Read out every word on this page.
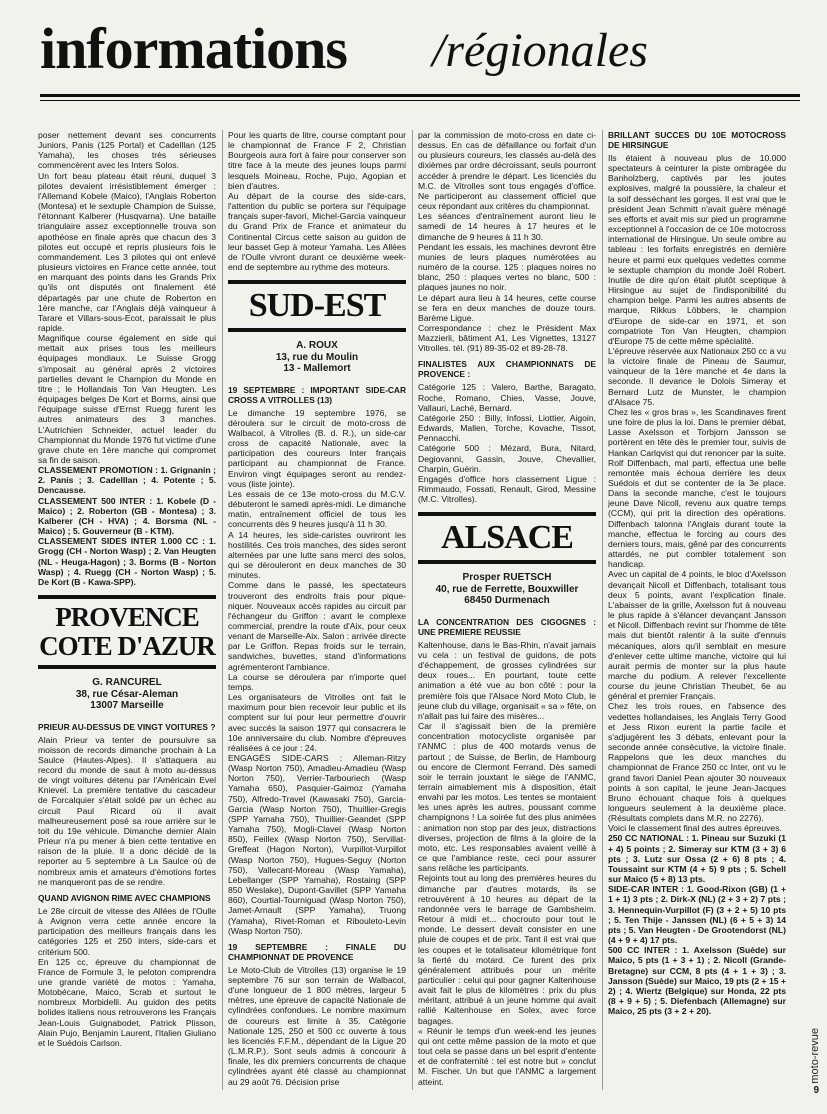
informations /régionales

poser nettement devant ses concurrents Juniors, Panis (125 Portal) et Cadelllan (125 Yamaha), les choses très sérieuses commencèrent avec les Inters Solos.

Un fort beau plateau était réuni, duquel 3 pilotes devaient irrésistiblement émerger : l'Allemand Kobele (Maico), l'Anglais Roberton (Montesa) et le sextuple Champion de Suisse, l'étonnant Kalberer (Husqvarna). Une bataille triangulaire assez exceptionnelle trouva son apothéose en finale après que chacun des 3 pilotes eut occupé et repris plusieurs fois le commandement. Les 3 pilotes qui ont enlevé plusieurs victoires en France cette année, tout en marquant des points dans les Grands Prix qu'ils ont disputés ont finalement été départagés par une chute de Roberton en 1ère manche, car l'Anglais déjà vainqueur à Tarare et Villars-sous-Ecot, paraissait le plus rapide.

Magnifique course également en side qui mettait aux prises tous les meilleurs équipages mondiaux. Le Suisse Grogg s'imposait au général après 2 victoires partielles devant le Champion du Monde en titre ; le Hollandais Ton Van Heugten. Les équipages belges De Kort et Borms, ainsi que l'équipage suisse d'Ernst Ruegg furent les autres animateurs des 3 manches. L'Autrichien Schneider, actuel leader du Championnat du Monde 1976 fut victime d'une grave chute en 1ère manche qui compromet sa fin de saison.

CLASSEMENT PROMOTION : 1. Grignanin ; 2. Panis ; 3. Cadelllan ; 4. Potente ; 5. Dencausse.

CLASSEMENT 500 INTER : 1. Kobele (D - Maico) ; 2. Roberton (GB - Montesa) ; 3. Kalberer (CH - HVA) ; 4. Borsma (NL - Maico) ; 5. Gouverneur (B - KTM).

CLASSEMENT SIDES INTER 1.000 CC : 1. Grogg (CH - Norton Wasp) ; 2. Van Heugten (NL - Heuga-Hagon) ; 3. Borms (B - Norton Wasp) ; 4. Ruegg (CH - Norton Wasp) ; 5. De Kort (B - Kawa-SPP).

PROVENCE
COTE D'AZUR
G. RANCUREL
38, rue César-Aleman
13007 Marseille
PRIEUR AU-DESSUS DE VINGT VOITURES ?

Alain Prieur va tenter de poursuivre sa moisson de records dimanche prochain à La Saulce (Hautes-Alpes). Il s'attaquera au record du monde de saut à moto au-dessus de vingt voitures détenu par l'Américain Evel Knievel. La première tentative du cascadeur de Forcalquier s'était soldé par un échec au circuit Paul Ricard où il avait malheureusement posé sa roue arrière sur le toit du 19e véhicule. Dimanche dernier Alain Prieur n'a pu mener à bien cette tentative en raison de la pluie. Il a donc décidé de la reporter au 5 septembre à La Saulce où de nombreux amis et amateurs d'émotions fortes ne manqueront pas de se rendre.

QUAND AVIGNON RIME AVEC CHAMPIONS

Le 28e circuit de vitesse des Allées de l'Oulle à Avignon verra cette année encore la participation des meilleurs français dans les catégories 125 et 250 inters, side-cars et critérium 500.

En 125 cc, épreuve du championnat de France de Formule 3, le peloton comprendra une grande variété de motos : Yamaha, Motobécane, Maico, Scrab et surtout le nombreux Morbidelli. Au guidon des petits bolides italiens nous retrouverons les Français Jean-Louis Guignabodet, Patrick Plisson, Alain Pujo, Benjamin Laurent, l'Italien Giuliano et le Suédois Carlson.

Pour les quarts de litre, course comptant pour le championnat de France F 2, Christian Bourgeois aura fort à faire pour conserver son titre face à la meute des jeunes loups parmi lesquels Moineau, Roche, Pujo, Agopian et bien d'autres.

Au départ de la course des side-cars, l'attention du public se portera sur l'équipage français super-favori, Michel-Garcia vainqueur du Grand Prix de France et animateur du Continental Circus cette saison au guidon de leur basset Gep à moteur Yamaha. Les Allées de l'Oulle vivront durant ce deuxième week-end de septembre au rythme des moteurs.

SUD-EST
A. ROUX
13, rue du Moulin
13 - Mallemort
19 SEPTEMBRE : IMPORTANT SIDE-CAR CROSS A VITROLLES (13)

Le dimanche 19 septembre 1976, se déroulera sur le circuit de moto-cross de Walbacol, à Vitrolles (B. d. R.), un side-car cross de capacité Nationale, avec la participation des coureurs Inter français participant au championnat de France. Environ vingt équipages seront au rendez-vous (liste jointe).

Les essais de ce 13e moto-cross du M.C.V. débuteront le samedi après-midi. Le dimanche matin, entraînement officiel de tous les concurrents dès 9 heures jusqu'à 11 h 30.

A 14 heures, les side-caristes ouvriront les hostilités. Ces trois manches, des sides seront alternées par une lutte sans merci des solos, qui se dérouleront en deux manches de 30 minutes.

Comme dans le passé, les spectateurs trouveront des endroits frais pour pique-niquer. Nouveaux accès rapides au circuit par l'échangeur du Griffon : avant le complexe commercial, prendre la route d'Aix, pour ceux venant de Marseille-Aix. Salon : arrivée directe par Le Griffon. Repas froids sur le terrain, sandwiches, buvettes, stand d'informations agrémenteront l'ambiance.

La course se déroulera par n'importe quel temps.

Les organisateurs de Vitrolles ont fait le maximum pour bien recevoir leur public et ils comptent sur lui pour leur permettre d'ouvrir avec succès la saison 1977 qui consacrera le 10e anniversaire du club. Nombre d'épreuves réalisées à ce jour : 24.

ENGAGÉS SIDE-CARS : Alleman-Ritzy (Wasp Norton 750), Amadieu-Amadieu (Wasp Norton 750), Verrier-Tarbouriech (Wasp Yamaha 650), Pasquier-Gaimoz (Yamaha 750), Alfredo-Travel (Kawasaki 750), Garcia-Garcia (Wasp Norton 750), Thuillier-Gregis (SPP Yamaha 750), Thuillier-Geandet (SPP Yamaha 750), Mogli-Clavel (Wasp Norton 850), Feillex (Wasp Norton 750), Servillat-Greffeat (Hagon Norton), Vurpillot-Vurpillot (Wasp Norton 750), Hugues-Seguy (Norton 750), Vallecant-Moreau (Wasp Yamaha), Lebellanger (SPP Yamaha), Rostaing (SPP 850 Weslake), Dupont-Gavillet (SPP Yamaha 860), Courtial-Tourniguad (Wasp Norton 750), Jamet-Arnault (SPP Yamaha), Truong (Yamaha), Rivet-Roman et Ribouleto-Levin (Wasp Norton 750).

19 SEPTEMBRE : FINALE DU CHAMPIONNAT DE PROVENCE

Le Moto-Club de Vitrolles (13) organise le 19 septembre 76 sur son terrain de Walbacol, d'une longueur de 1 800 mètres, largeur 5 mètres, une épreuve de capacité Nationale de cylindrées confondues. Le nombre maximum de coureurs est limite à 35. Catégorie Nationale 125, 250 et 500 cc ouverte à tous les licenciés F.F.M., dépendant de la Ligue 20 (L.M.R.P.). Sont seuls admis à concourir à finale, les dix premiers concurrents de chaque cylindrées ayant été classé au championnat au 29 août 76. Décision prise

par la commission de moto-cross en date ci-dessus. En cas de défaillance ou forfait d'un ou plusieurs coureurs, les classés au-delà des dixièmes par ordre décroissant, seuls pourront accéder à prendre le départ. Les licenciés du M.C. de Vitrolles sont tous engagés d'office. Ne participeront au classement officiel que ceux répondant aux critères du championnat.

Les séances d'entraînement auront lieu le samedi de 14 heures à 17 heures et le dimanche de 9 heures à 11 h 30.

Pendant les essais, les machines devront être munies de leurs plaques numérotées au numéro de la course. 125 : plaques noires no blanc, 250 : plaques vertes no blanc, 500 : plaques jaunes no noir.

Le départ aura lieu à 14 heures, cette course se fera en deux manches de douze tours. Barème Ligue.

Correspondance : chez le Président Max Mazzierli, bâtiment A1, Les Vignettes, 13127 Vitrolles. tél. (91) 89-35-02 et 89-28-78.

FINALISTES AUX CHAMPIONNATS DE PROVENCE :

Catégorie 125 : Valero, Barthe, Baragato, Roche, Romano, Chies, Vasse, Jouve, Vallauri, Laché, Bernard.

Catégorie 250 : Billy, Infossi, Liottier, Aigoin, Edwards, Mallen, Torche, Kovache, Tissot, Pennacchi.

Catégorie 500 : Mézard, Bura, Nitard, Degiovanni, Gassin, Jouve, Chevallier, Charpin, Guérin.

Engagés d'office hors classement Ligue : Rimmaudo, Fossati, Renault, Girod, Messine (M.C. Vitrolles).

ALSACE
Prosper RUETSCH
40, rue de Ferrette, Bouxwiller
68450 Durmenach
LA CONCENTRATION DES CIGOGNES : UNE PREMIERE REUSSIE

Kaltenhouse, dans le Bas-Rhin, n'avait jamais vu cela : un festival de guidons, de pots d'échappement, de grosses cylindrées sur deux roues... En pourtant, toute cette animation a été vue au bon côté : pour la première fois que l'Alsace Nord Moto Club, le jeune club du village, organisait « sa » fête, on n'allait pas lui faire des misères...

Car il s'agissait bien de la première concentration motocycliste organisée par l'ANMC : plus de 400 motards venus de partout ; de Suisse, de Berlin, de Hambourg ou encore de Clermont Ferrand. Dès samedi soir le terrain jouxtant le siège de l'ANMC, terrain aimablement mis à disposition, était envahi par les motos. Les tentes se montaient les unes après les autres, poussant comme champignons ! La soirée fut des plus animées : animation non stop par des jeux, distractions diverses, projection de films à la gloire de la moto, etc. Les responsables avaient veillé à ce que l'ambiance reste, ceci pour assurer sans relâche les participants.

Rejoints tout au long des premières heures du dimanche par d'autres motards, ils se retrouvèrent à 10 heures au départ de la randonnée vers le barrage de Gambsheim. Retour à midi et... chocrouto pour tout le monde. Le dessert devait consister en une pluie de coupes et de prix. Tant il est vrai que les coupes et le totalisateur kilométrique font la fierté du motard. Ce furent des prix généralement attribués pour un mérite particulier : celui qui pour gagner Kaltenhouse avait fait le plus de kilomètres : prix du plus méritant, attribué à un jeune homme qui avait rallié Kaltenhouse en Solex, avec force bagages.

« Réunir le temps d'un week-end les jeunes qui ont cette même passion de la moto et que tout cela se passe dans un bel esprit d'entente et de confraternité : tel est notre but » conclut M. Fischer. Un but que l'ANMC a largement atteint.

BRILLANT SUCCES DU 10E MOTOCROSS DE HIRSINGUE

Ils étaient à nouveau plus de 10.000 spectateurs à ceinturer la piste ombragée du Banholzberg, captivés par les joutes explosives, malgré la poussière, la chaleur et la soif desséchant les gorges. Il est vrai que le président Jean Schmitt n'avait guère ménagé ses efforts et avait mis sur pied un programme exceptionnel à l'occasion de ce 10e motocross international de Hirsingue. Un seule ombre au tableau : les forfaits enregistrés en dernière heure et parmi eux quelques vedettes comme le sextuple champion du monde Joël Robert. Inutile de dire qu'on était plutôt sceptique à Hirsingue au sujet de l'indisponibilité du champion belge. Parmi les autres absents de marque, Rikkus Löbbers, le champion d'Europe de side-car en 1971, et son compatriote Ton Van Heugten, champion d'Europe 75 de cette même spécialité.

L'épreuve réservée aux Nationaux 250 cc a vu la victoire finale de Pineau de Saumur, vainqueur de la 1ère manche et 4e dans la seconde. Il devance le Dolois Simeray et Bernard Lutz de Munster, le champion d'Alsace 75.

Chez les « gros bras », les Scandinaves firent une foire de plus la loi. Dans le premier débat, Lasse Axelsson et Torbjorn Jansson se portèrent en tête dès le premier tour, suivis de Hankan Carlqvist qui dut renoncer par la suite. Rolf Diffenbach, mal parti, effectua une belle remontée mais échoua derrière les deux Suédois et dut se contenter de la 3e place. Dans la seconde manche, c'est le toujours jeune Dave Nicoll, revenu aux quatre temps (CCM), qui prit la direction des opérations. Diffenbach talonna l'Anglais durant toute la manche, effectua le forcing au cours des derniers tours, mais, gêné par des concurrents attardés, ne put combler totalement son handicap.

Avec un capital de 4 points, le bloc d'Axelsson devançait Nicoll et Diffenbach, totalisant tous deux 5 points, avant l'explication finale. L'abaisser de la grille, Axelsson fut à nouveau le plus rapide à s'élancer devançant Jansson et Nicoll. Diffenbach revint sur l'homme de tête mais dut bientôt ralentir à la suite d'ennuis mécaniques, alors qu'il semblait en mesure d'enlever cette ultime manche, victoire qui lui aurait permis de monter sur la plus haute marche du podium. A relever l'excellente course du jeune Christian Theubet, 6e au général et premier Français.

Chez les trois roues, en l'absence des vedettes hollandaises, les Anglais Terry Good et Jess Rixon eurent la partie facile et s'adjugèrent les 3 débats, enlevant pour la seconde année consécutive, la victoire finale. Rappelons que les deux manches du championnat de France 250 cc Inter, ont vu le grand favori Daniel Pean ajouter 30 nouveaux points à son capital, le jeune Jean-Jacques Bruno échouant chaque fois à quelques longueurs seulement à la deuxième place. (Résultats complets dans M.R. no 2276).

Voici le classement final des autres épreuves.

250 CC NATIONAL : 1. Pineau sur Suzuki (1 + 4) 5 points ; 2. Simeray sur KTM (3 + 3) 6 pts ; 3. Lutz sur Ossa (2 + 6) 8 pts ; 4. Toussaint sur KTM (4 + 5) 9 pts ; 5. Schell sur Maico (5 + 8) 13 pts.

SIDE-CAR INTER : 1. Good-Rixon (GB) (1 + 1 + 1) 3 pts ; 2. Dirk-X (NL) (2 + 3 + 2) 7 pts ; 3. Hennequin-Vurpillot (F) (3 + 2 + 5) 10 pts ; 5. Ten Thije - Janssen (NL) (6 + 5 + 3) 14 pts ; 5. Van Heugten - De Grootendorst (NL) (4 + 9 + 4) 17 pts.

500 CC INTER : 1. Axelsson (Suède) sur Maico, 5 pts (1 + 3 + 1) ; 2. Nicoll (Grande-Bretagne) sur CCM, 8 pts (4 + 1 + 3) ; 3. Jansson (Suède) sur Maico, 19 pts (2 + 15 + 2) ; 4. Wiertz (Belgique) sur Honda, 22 pts (8 + 9 + 5) ; 5. Diefenbach (Allemagne) sur Maico, 25 pts (3 + 2 + 20).

moto-revue
9
